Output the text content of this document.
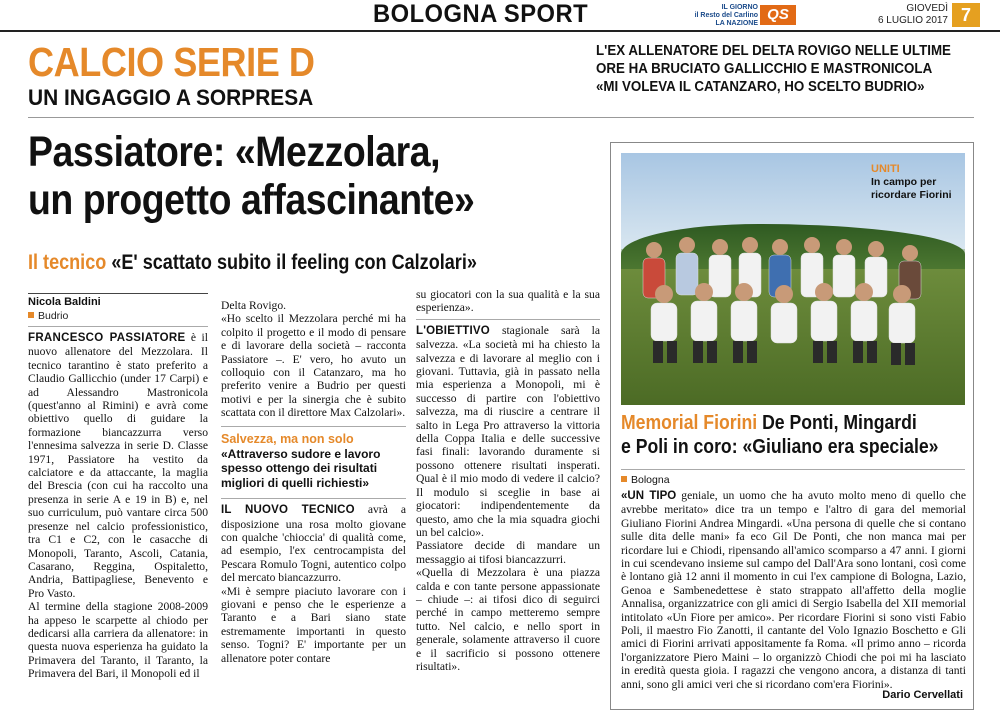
BOLOGNA SPORT	IL GIORNO
il Resto del Carlino
LA NAZIONE
QS	GIOVEDÌ
6 LUGLIO 2017 7
CALCIO SERIE D
UN INGAGGIO A SORPRESA
L'EX ALLENATORE DEL DELTA ROVIGO NELLE ULTIME
ORE HA BRUCIATO GALLICCHIO E MASTRONICOLA
«MI VOLEVA IL CATANZARO, HO SCELTO BUDRIO»
Passiatore: «Mezzolara,
un progetto affascinante»
Il tecnico «E' scattato subito il feeling con Calzolari»
Nicola Baldini
Budrio

FRANCESCO PASSIATORE è il nuovo allenatore del Mezzolara. Il tecnico tarantino è stato preferito a Claudio Gallicchio (under 17 Carpi) e ad Alessandro Mastronicola (quest'anno al Rimini) e avrà come obiettivo quello di guidare la formazione biancazzurra verso l'ennesima salvezza in serie D. Classe 1971, Passiatore ha vestito da calciatore e da attaccante, la maglia del Brescia (con cui ha raccolto una presenza in serie A e 19 in B) e, nel suo curriculum, può vantare circa 500 presenze nel calcio professionistico, tra C1 e C2, con le casacche di Monopoli, Taranto, Ascoli, Catania, Casarano, Reggina, Ospitaletto, Andria, Battipagliese, Benevento e Pro Vasto.

Al termine della stagione 2008-2009 ha appeso le scarpette al chiodo per dedicarsi alla carriera da allenatore: in questa nuova esperienza ha guidato la Primavera del Taranto, il Taranto, la Primavera del Bari, il Monopoli ed il

Delta Rovigo.

«Ho scelto il Mezzolara perché mi ha colpito il progetto e il modo di pensare e di lavorare della società – racconta Passiatore –. E' vero, ho avuto un colloquio con il Catanzaro, ma ho preferito venire a Budrio per questi motivi e per la sinergia che è subito scattata con il direttore Max Calzolari».

Salvezza, ma non solo
«Attraverso sudore e lavoro spesso ottengo dei risultati migliori di quelli richiesti»

IL NUOVO TECNICO avrà a disposizione una rosa molto giovane con qualche 'chioccia' di qualità come, ad esempio, l'ex centrocampista del Pescara Romulo Togni, autentico colpo del mercato biancazzurro.

«Mi è sempre piaciuto lavorare con i giovani e penso che le esperienze a Taranto e a Bari siano state estremamente importanti in questo senso. Togni? E' importante per un allenatore poter contare

su giocatori con la sua qualità e la sua esperienza».

L'OBIETTIVO stagionale sarà la salvezza. «La società mi ha chiesto la salvezza e di lavorare al meglio con i giovani. Tuttavia, già in passato nella mia esperienza a Monopoli, mi è successo di partire con l'obiettivo salvezza, ma di riuscire a centrare il salto in Lega Pro attraverso la vittoria della Coppa Italia e delle successive fasi finali: lavorando duramente si possono ottenere risultati insperati. Qual è il mio modo di vedere il calcio? Il modulo si sceglie in base ai giocatori: indipendentemente da questo, amo che la mia squadra giochi un bel calcio».

Passiatore decide di mandare un messaggio ai tifosi biancazzurri.

«Quella di Mezzolara è una piazza calda e con tante persone appassionate – chiude –: ai tifosi dico di seguirci perché in campo metteremo sempre tutto. Nel calcio, e nello sport in generale, solamente attraverso il cuore e il sacrificio si possono ottenere risultati».

UNITI
In campo per ricordare Fiorini
Memorial Fiorini De Ponti, Mingardi
e Poli in coro: «Giuliano era speciale»
Bologna
«UN TIPO geniale, un uomo che ha avuto molto meno di quello che avrebbe meritato» dice tra un tempo e l'altro di gara del memorial Giuliano Fiorini Andrea Mingardi. «Una persona di quelle che si contano sulle dita delle mani» fa eco Gil De Ponti, che non manca mai per ricordare lui e Chiodi, ripensando all'amico scomparso a 47 anni. I giorni in cui scendevano insieme sul campo del Dall'Ara sono lontani, così come è lontano già 12 anni il momento in cui l'ex campione di Bologna, Lazio, Genoa e Sambenedettese è stato strappato all'affetto della moglie Annalisa, organizzatrice con gli amici di Sergio Isabella del XII memorial intitolato «Un Fiore per amico». Per ricordare Fiorini si sono visti Fabio Poli, il maestro Fio Zanotti, il cantante del Volo Ignazio Boschetto e Gli amici di Fiorini arrivati appositamente fa Roma. «Il primo anno – ricorda l'organizzatore Piero Maini – lo organizzò Chiodi che poi mi ha lasciato in eredità questa gioia. I ragazzi che vengono ancora, a distanza di tanti anni, sono gli amici veri che si ricordano com'era Fiorini».
Dario Cervellati
